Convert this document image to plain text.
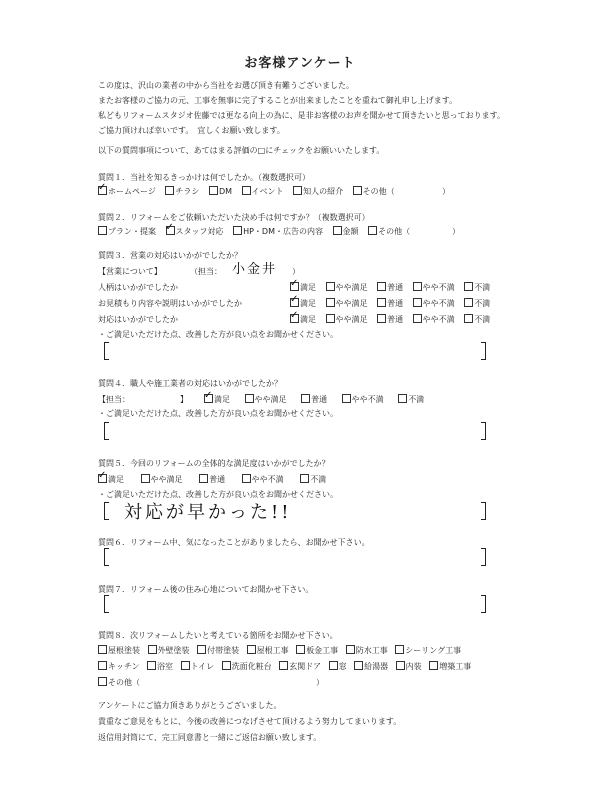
お客様アンケート
この度は、沢山の業者の中から当社をお選び頂き有難うございました。
またお客様のご協力の元、工事を無事に完了することが出来ましたことを重ねて御礼申し上げます。
私どもリフォームスタジオ佐藤では更なる向上の為に、是非お客様のお声を聞かせて頂きたいと思っております。
ご協力頂ければ幸いです。　宜しくお願い致します。
以下の質問事項について、あてはまる評価の□にチェックをお願いいたします。
質問１．当社を知るきっかけは何でしたか。（複数選択可）
✓ホームページ チラシ DM イベント 知人の紹介 その他（	）
質問２．リフォームをご依頼いただいた決め手は何ですか？（複数選択可）
プラン・提案 ✓ スタッフ対応 HP・DM・広告の内容 金額 その他（	）
質問３．営業の対応はいかがでしたか？
【営業について】	（担当： 小金井 ）
人柄はいかがでしたか ✓	満足 やや満足 普通 やや不満 不満
お見積もり内容や説明はいかがでしたか ✓	満足 やや満足 普通 やや不満 不満
対応はいかがでしたか ✓	満足 やや満足 普通 やや不満 不満
・ご満足いただけた点、改善した方が良い点をお聞かせください。
質問４．職人や施工業者の対応はいかがでしたか？
【担当：	】 ✓	満足	やや満足	普通	やや不満	不満
・ご満足いただけた点、改善した方が良い点をお聞かせください。
質問５．今回のリフォームの全体的な満足度はいかがでしたか？
✓満足	やや満足	普通	やや不満	不満
・ご満足いただけた点、改善した方が良い点をお聞かせください。
対応が早かった!!
質問６．リフォーム中、気になったことがありましたら、お聞かせ下さい。
質問７．リフォーム後の住み心地についてお聞かせ下さい。
質問８．次リフォームしたいと考えている箇所をお聞かせ下さい。
屋根塗装 外壁塗装 付帯塗装 屋根工事 板金工事 防水工事 シーリング工事
キッチン 浴室 トイレ 洗面化粧台 玄関ドア 窓 給湯器 内装 増築工事
その他（	）
アンケートにご協力頂きありがとうございました。
貴重なご意見をもとに、今後の改善につなげさせて頂けるよう努力してまいります。
返信用封筒にて、完工同意書と一緒にご返信お願い致します。
